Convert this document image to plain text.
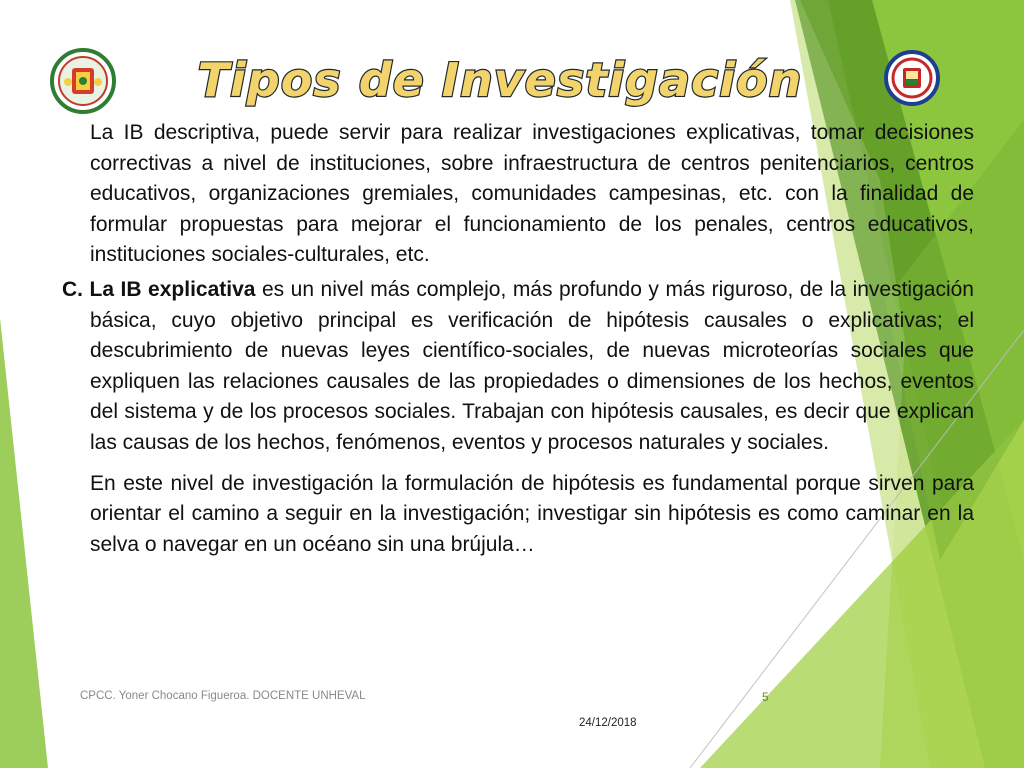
Tipos de Investigación

La IB descriptiva, puede servir para realizar investigaciones explicativas, tomar decisiones correctivas a nivel de instituciones, sobre infraestructura de centros penitenciarios, centros educativos, organizaciones gremiales, comunidades campesinas, etc. con la finalidad de formular propuestas para mejorar el funcionamiento de los penales, centros educativos, instituciones sociales-culturales, etc.

C. La IB explicativa es un nivel más complejo, más profundo y más riguroso, de la investigación básica, cuyo objetivo principal es verificación de hipótesis causales o explicativas; el descubrimiento de nuevas leyes científico-sociales, de nuevas microteorías sociales que expliquen las relaciones causales de las propiedades o dimensiones de los hechos, eventos del sistema y de los procesos sociales. Trabajan con hipótesis causales, es decir que explican las causas de los hechos, fenómenos, eventos y procesos naturales y sociales.

En este nivel de investigación la formulación de hipótesis es fundamental porque sirven para orientar el camino a seguir en la investigación; investigar sin hipótesis es como caminar en la selva o navegar en un océano sin una brújula…

CPCC. Yoner Chocano Figueroa. DOCENTE UNHEVAL	5
24/12/2018
